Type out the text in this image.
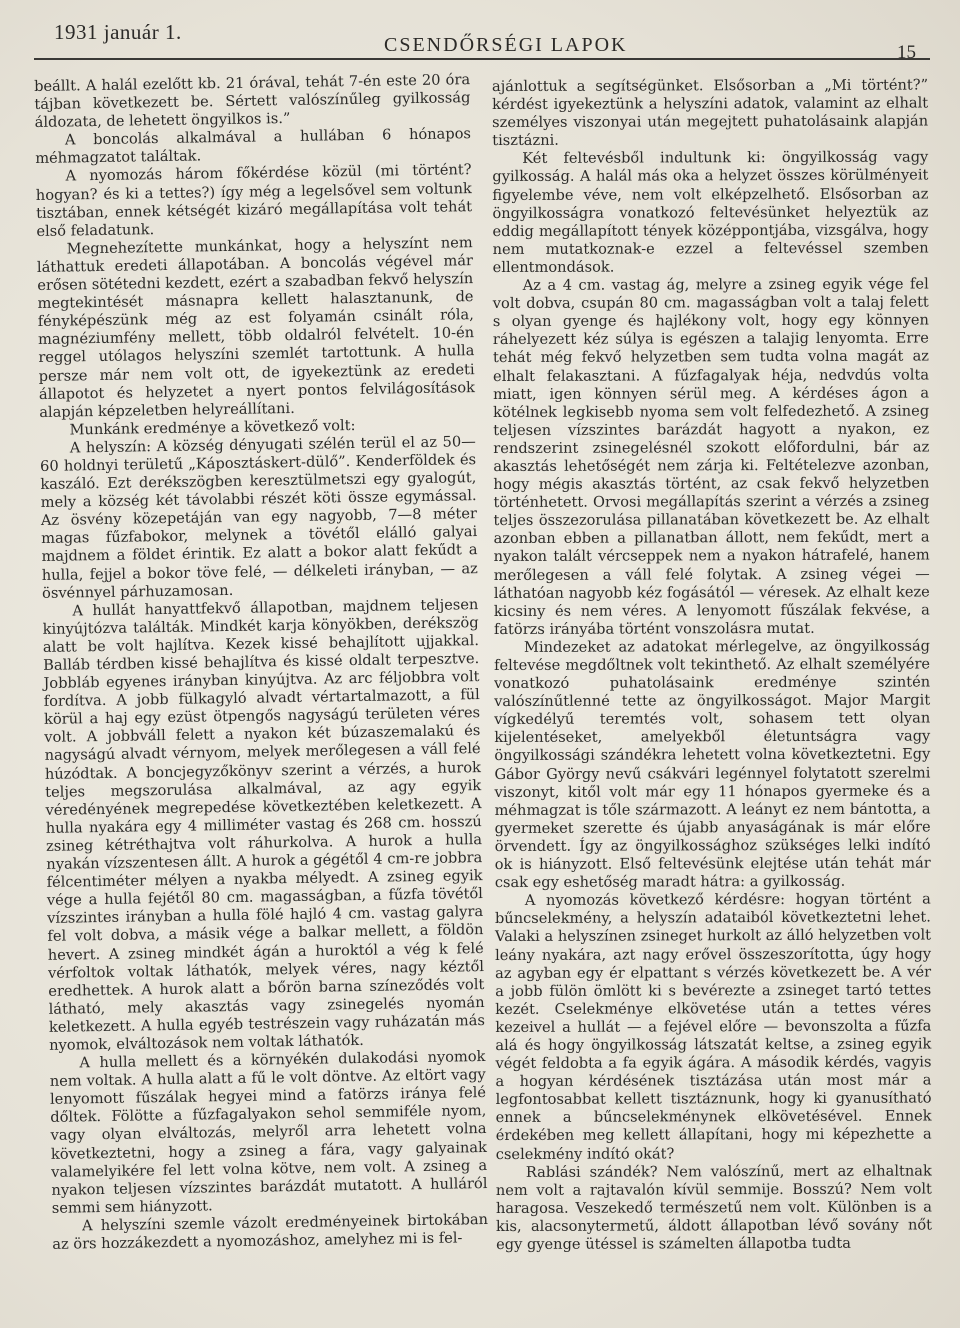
1931 január 1.
CSENDŐRSÉGI LAPOK	15

beállt. A halál ezelőtt kb. 21 órával, tehát 7-én este 20 óra tájban következett be. Sértett valószínűleg gyilkosság áldozata, de lehetett öngyilkos is.”

A boncolás alkalmával a hullában 6 hónapos méhmagzatot találtak.

A nyomozás három főkérdése közül (mi történt? hogyan? és ki a tettes?) így még a legelsővel sem voltunk tisztában, ennek kétségét kizáró megállapítása volt tehát első feladatunk.

Megnehezítette munkánkat, hogy a helyszínt nem láthattuk eredeti állapotában. A boncolás végével már erősen sötétedni kezdett, ezért a szabadban fekvő helyszín megtekintését másnapra kellett halasztanunk, de fényképészünk még az est folyamán csinált róla, magnéziumfény mellett, több oldalról felvételt. 10-én reggel utólagos helyszíni szemlét tartottunk. A hulla persze már nem volt ott, de igyekeztünk az eredeti állapotot és helyzetet a nyert pontos felvilágosítások alapján képzeletben helyreállítani.

Munkánk eredménye a következő volt:

A helyszín: A község dényugati szélén terül el az 50—60 holdnyi területű „Káposztáskert-dülő”. Kenderföldek és kaszáló. Ezt derékszögben keresztülmetszi egy gyalogút, mely a község két távolabbi részét köti össze egymással. Az ösvény közepetáján van egy nagyobb, 7—8 méter magas fűzfabokor, melynek a tövétől elálló galyai majdnem a földet érintik. Ez alatt a bokor alatt fekűdt a hulla, fejjel a bokor töve felé, — délkeleti irányban, — az ösvénnyel párhuzamosan.

A hullát hanyattfekvő állapotban, majdnem teljesen kinyújtózva találták. Mindkét karja könyökben, derékszög alatt be volt hajlítva. Kezek kissé behajlított ujjakkal. Balláb térdben kissé behajlítva és kissé oldalt terpesztve. Jobbláb egyenes irányban kinyújtva. Az arc féljobbra volt fordítva. A jobb fülkagyló alvadt vértartalmazott, a fül körül a haj egy ezüst ötpengős nagyságú területen véres volt. A jobbváll felett a nyakon két búzaszemalakú és nagyságú alvadt vérnyom, melyek merőlegesen a váll felé húzódtak. A boncjegyzőkönyv szerint a vérzés, a hurok teljes megszorulása alkalmával, az agy egyik véredényének megrepedése következtében keletkezett. A hulla nyakára egy 4 milliméter vastag és 268 cm. hosszú zsineg kétréthajtva volt ráhurkolva. A hurok a hulla nyakán vízszentesen állt. A hurok a gégétől 4 cm-re jobbra félcentiméter mélyen a nyakba mélyedt. A zsineg egyik vége a hulla fejétől 80 cm. magasságban, a fűzfa tövétől vízszintes irányban a hulla fölé hajló 4 cm. vastag galyra fel volt dobva, a másik vége a balkar mellett, a földön hevert. A zsineg mindkét ágán a huroktól a vég k felé vérfoltok voltak láthatók, melyek véres, nagy kéztől eredhettek. A hurok alatt a bőrön barna színeződés volt látható, mely akasztás vagy zsinegelés nyomán keletkezett. A hulla egyéb testrészein vagy ruházatán más nyomok, elváltozások nem voltak láthatók.

A hulla mellett és a környékén dulakodási nyomok nem voltak. A hulla alatt a fű le volt döntve. Az eltört vagy lenyomott fűszálak hegyei mind a fatörzs iránya felé dőltek. Fölötte a fűzfagalyakon sehol semmiféle nyom, vagy olyan elváltozás, melyről arra lehetett volna következtetni, hogy a zsineg a fára, vagy galyainak valamelyikére fel lett volna kötve, nem volt. A zsineg a nyakon teljesen vízszintes barázdát mutatott. A hulláról semmi sem hiányzott.

A helyszíni szemle vázolt eredményeinek birtokában az örs hozzákezdett a nyomozáshoz, amelyhez mi is fel-

ajánlottuk a segítségünket. Elsősorban a „Mi történt?” kérdést igyekeztünk a helyszíni adatok, valamint az elhalt személyes viszonyai után megejtett puhatolásaink alapján tisztázni.

Két feltevésből indultunk ki: öngyilkosság vagy gyilkosság. A halál más oka a helyzet összes körülményeit figyelembe véve, nem volt elképzelhető. Elsősorban az öngyilkosságra vonatkozó feltevésünket helyeztük az eddig megállapított tények középpontjába, vizsgálva, hogy nem mutatkoznak-e ezzel a feltevéssel szemben ellentmondások.

Az a 4 cm. vastag ág, melyre a zsineg egyik vége fel volt dobva, csupán 80 cm. magasságban volt a talaj felett s olyan gyenge és hajlékony volt, hogy egy könnyen ráhelyezett kéz súlya is egészen a talajig lenyomta. Erre tehát még fekvő helyzetben sem tudta volna magát az elhalt felakasztani. A fűzfagalyak héja, nedvdús volta miatt, igen könnyen sérül meg. A kérdéses ágon a kötélnek legkisebb nyoma sem volt felfedezhető. A zsineg teljesen vízszintes barázdát hagyott a nyakon, ez rendszerint zsinegelésnél szokott előfordulni, bár az akasztás lehetőségét nem zárja ki. Feltételezve azonban, hogy mégis akasztás történt, az csak fekvő helyzetben történhetett. Orvosi megállapítás szerint a vérzés a zsineg teljes összezorulása pillanatában következett be. Az elhalt azonban ebben a pillanatban állott, nem fekűdt, mert a nyakon talált vércseppek nem a nyakon hátrafelé, hanem merőlegesen a váll felé folytak. A zsineg végei — láthatóan nagyobb kéz fogásától — véresek. Az elhalt keze kicsiny és nem véres. A lenyomott fűszálak fekvése, a fatörzs irányába történt vonszolásra mutat.

Mindezeket az adatokat mérlegelve, az öngyilkosság feltevése megdőltnek volt tekinthető. Az elhalt személyére vonatkozó puhatolásaink eredménye szintén valószínűtlenné tette az öngyilkosságot. Major Margit vígkedélyű teremtés volt, sohasem tett olyan kijelentéseket, amelyekből életuntságra vagy öngyilkossági szándékra lehetett volna következtetni. Egy Gábor György nevű csákvári legénnyel folytatott szerelmi viszonyt, kitől volt már egy 11 hónapos gyermeke és a méhmagzat is tőle származott. A leányt ez nem bántotta, a gyermeket szerette és újabb anyaságának is már előre örvendett. Így az öngyilkossághoz szükséges lelki indító ok is hiányzott. Első feltevésünk elejtése után tehát már csak egy eshetőség maradt hátra: a gyilkosság.

A nyomozás következő kérdésre: hogyan történt a bűncselekmény, a helyszín adataiból következtetni lehet. Valaki a helyszínen zsineget hurkolt az álló helyzetben volt leány nyakára, azt nagy erővel összeszorította, úgy hogy az agyban egy ér elpattant s vérzés következett be. A vér a jobb fülön ömlött ki s bevérezte a zsineget tartó tettes kezét. Cselekménye elkövetése után a tettes véres kezeivel a hullát — a fejével előre — bevonszolta a fűzfa alá és hogy öngyilkosság látszatát keltse, a zsineg egyik végét feldobta a fa egyik ágára. A második kérdés, vagyis a hogyan kérdésének tisztázása után most már a legfontosabbat kellett tisztáznunk, hogy ki gyanusítható ennek a bűncselekménynek elkövetésével. Ennek érdekében meg kellett állapítani, hogy mi képezhette a cselekmény indító okát?

Rablási szándék? Nem valószínű, mert az elhaltnak nem volt a rajtavalón kívül semmije. Bosszú? Nem volt haragosa. Veszekedő természetű nem volt. Különben is a kis, alacsonytermetű, áldott állapotban lévő sovány nőt egy gyenge ütéssel is számelten állapotba tudta
